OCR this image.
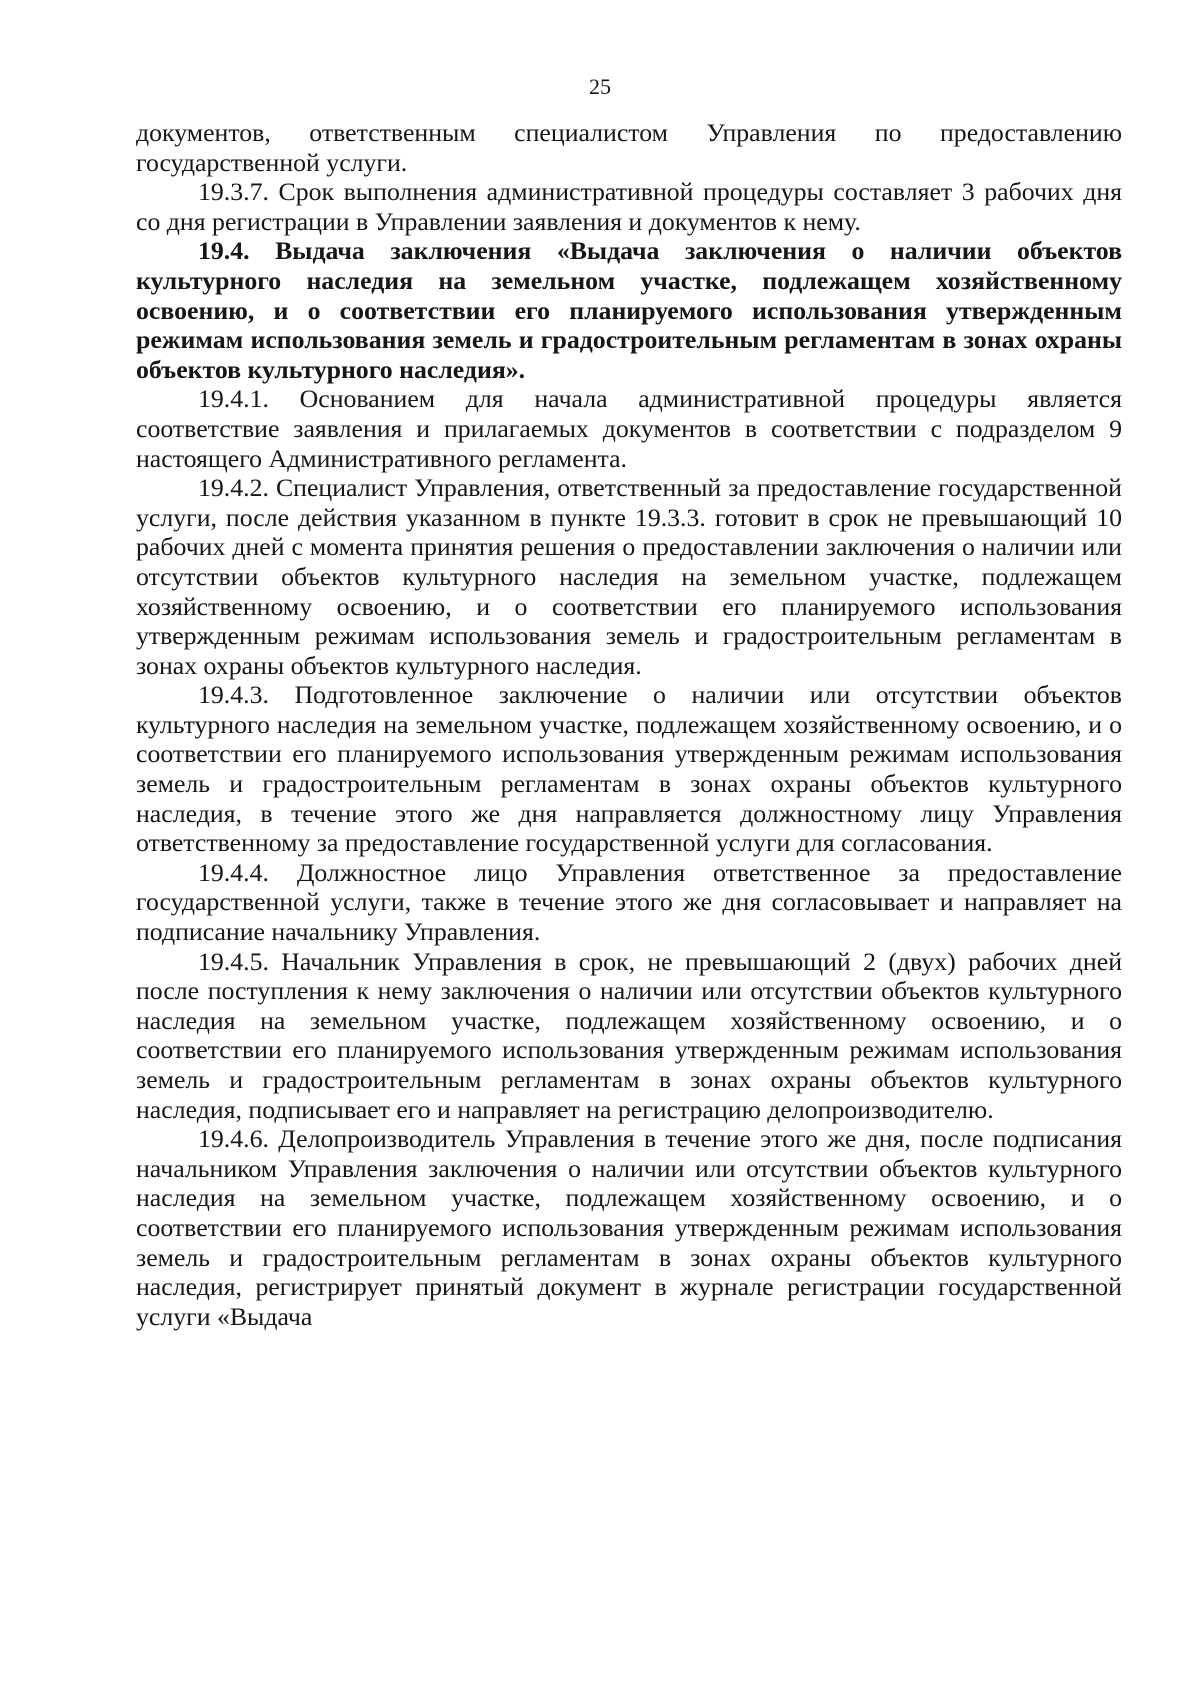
25

документов, ответственным специалистом Управления по предоставлению государственной услуги.

19.3.7. Срок выполнения административной процедуры составляет 3 рабочих дня со дня регистрации в Управлении заявления и документов к нему.

19.4. Выдача заключения «Выдача заключения о наличии объектов культурного наследия на земельном участке, подлежащем хозяйственному освоению, и о соответствии его планируемого использования утвержденным режимам использования земель и градостроительным регламентам в зонах охраны объектов культурного наследия».

19.4.1. Основанием для начала административной процедуры является соответствие заявления и прилагаемых документов в соответствии с подразделом 9 настоящего Административного регламента.

19.4.2. Специалист Управления, ответственный за предоставление государственной услуги, после действия указанном в пункте 19.3.3. готовит в срок не превышающий 10 рабочих дней с момента принятия решения о предоставлении заключения о наличии или отсутствии объектов культурного наследия на земельном участке, подлежащем хозяйственному освоению, и о соответствии его планируемого использования утвержденным режимам использования земель и градостроительным регламентам в зонах охраны объектов культурного наследия.

19.4.3. Подготовленное заключение о наличии или отсутствии объектов культурного наследия на земельном участке, подлежащем хозяйственному освоению, и о соответствии его планируемого использования утвержденным режимам использования земель и градостроительным регламентам в зонах охраны объектов культурного наследия, в течение этого же дня направляется должностному лицу Управления ответственному за предоставление государственной услуги для согласования.

19.4.4. Должностное лицо Управления ответственное за предоставление государственной услуги, также в течение этого же дня согласовывает и направляет на подписание начальнику Управления.

19.4.5. Начальник Управления в срок, не превышающий 2 (двух) рабочих дней после поступления к нему заключения о наличии или отсутствии объектов культурного наследия на земельном участке, подлежащем хозяйственному освоению, и о соответствии его планируемого использования утвержденным режимам использования земель и градостроительным регламентам в зонах охраны объектов культурного наследия, подписывает его и направляет на регистрацию делопроизводителю.

19.4.6. Делопроизводитель Управления в течение этого же дня, после подписания начальником Управления заключения о наличии или отсутствии объектов культурного наследия на земельном участке, подлежащем хозяйственному освоению, и о соответствии его планируемого использования утвержденным режимам использования земель и градостроительным регламентам в зонах охраны объектов культурного наследия, регистрирует принятый документ в журнале регистрации государственной услуги «Выдача
